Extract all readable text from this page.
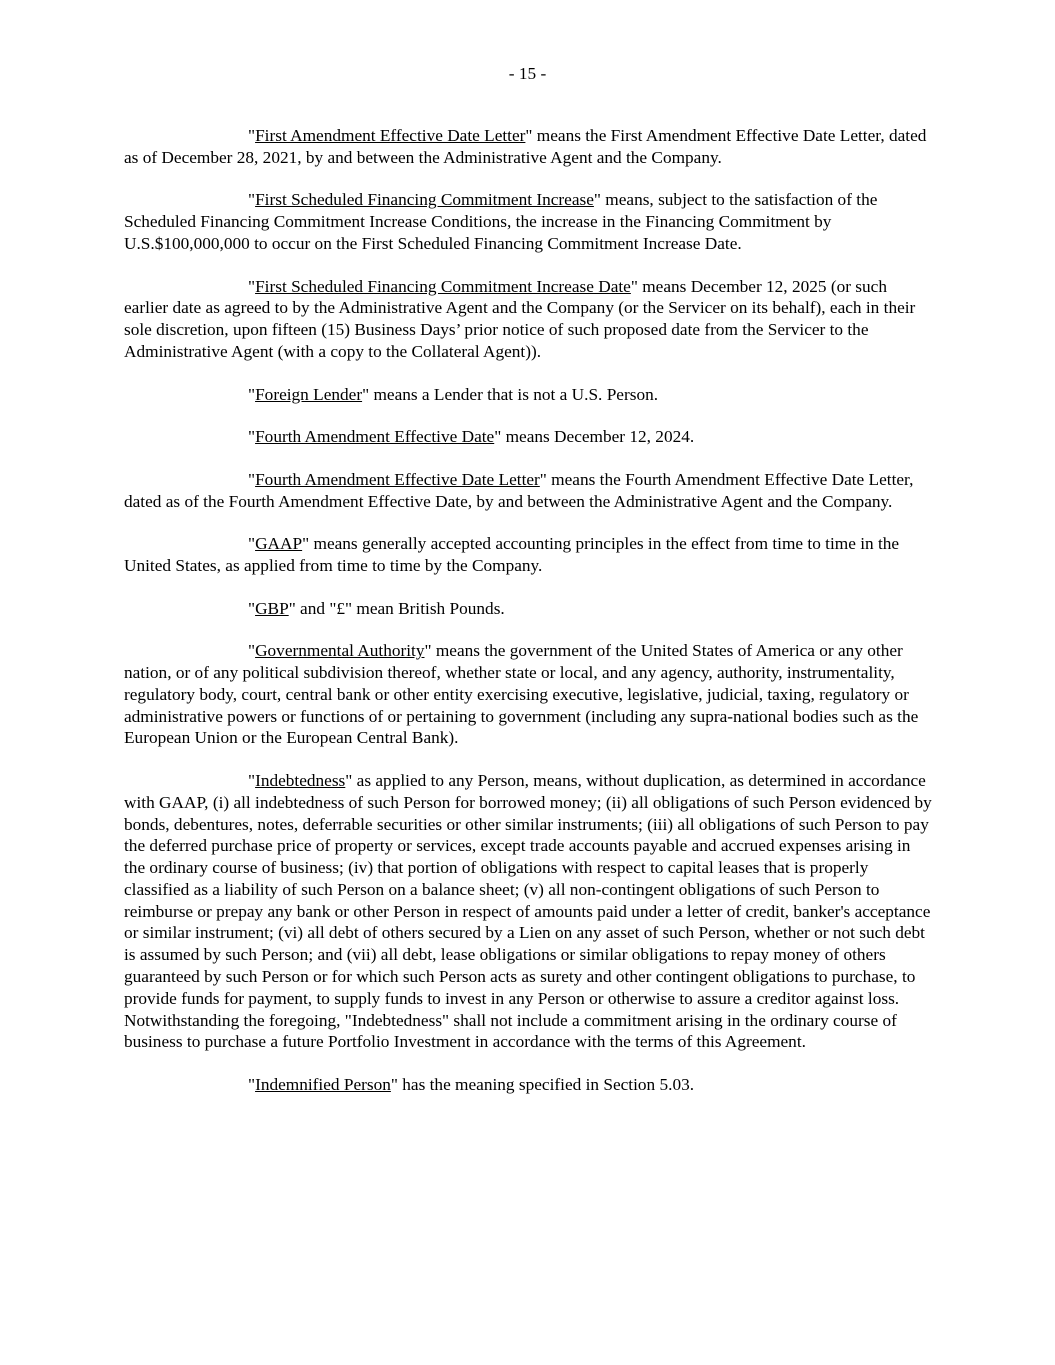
- 15 -

"First Amendment Effective Date Letter" means the First Amendment Effective Date Letter, dated as of December 28, 2021, by and between the Administrative Agent and the Company.

"First Scheduled Financing Commitment Increase" means, subject to the satisfaction of the Scheduled Financing Commitment Increase Conditions, the increase in the Financing Commitment by U.S.$100,000,000 to occur on the First Scheduled Financing Commitment Increase Date.

"First Scheduled Financing Commitment Increase Date" means December 12, 2025 (or such earlier date as agreed to by the Administrative Agent and the Company (or the Servicer on its behalf), each in their sole discretion, upon fifteen (15) Business Days’ prior notice of such proposed date from the Servicer to the Administrative Agent (with a copy to the Collateral Agent)).

"Foreign Lender" means a Lender that is not a U.S. Person.

"Fourth Amendment Effective Date" means December 12, 2024.

"Fourth Amendment Effective Date Letter" means the Fourth Amendment Effective Date Letter, dated as of the Fourth Amendment Effective Date, by and between the Administrative Agent and the Company.

"GAAP" means generally accepted accounting principles in the effect from time to time in the United States, as applied from time to time by the Company.

"GBP" and "£" mean British Pounds.

"Governmental Authority" means the government of the United States of America or any other nation, or of any political subdivision thereof, whether state or local, and any agency, authority, instrumentality, regulatory body, court, central bank or other entity exercising executive, legislative, judicial, taxing, regulatory or administrative powers or functions of or pertaining to government (including any supra-national bodies such as the European Union or the European Central Bank).

"Indebtedness" as applied to any Person, means, without duplication, as determined in accordance with GAAP, (i) all indebtedness of such Person for borrowed money; (ii) all obligations of such Person evidenced by bonds, debentures, notes, deferrable securities or other similar instruments; (iii) all obligations of such Person to pay the deferred purchase price of property or services, except trade accounts payable and accrued expenses arising in the ordinary course of business; (iv) that portion of obligations with respect to capital leases that is properly classified as a liability of such Person on a balance sheet; (v) all non-contingent obligations of such Person to reimburse or prepay any bank or other Person in respect of amounts paid under a letter of credit, banker's acceptance or similar instrument; (vi) all debt of others secured by a Lien on any asset of such Person, whether or not such debt is assumed by such Person; and (vii) all debt, lease obligations or similar obligations to repay money of others guaranteed by such Person or for which such Person acts as surety and other contingent obligations to purchase, to provide funds for payment, to supply funds to invest in any Person or otherwise to assure a creditor against loss. Notwithstanding the foregoing, "Indebtedness" shall not include a commitment arising in the ordinary course of business to purchase a future Portfolio Investment in accordance with the terms of this Agreement.

"Indemnified Person" has the meaning specified in Section 5.03.
